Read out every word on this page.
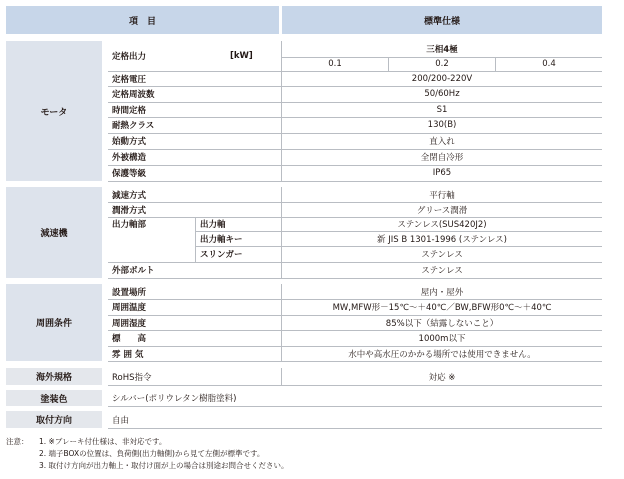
項　目	標準仕様
モータ
定格出力	[kW]
三相4極
0.1	0.2	0.4
定格電圧	200/200-220V
定格周波数	50/60Hz
時間定格	S1
耐熱クラス	130(B)
始動方式	直入れ
外被構造	全閉自冷形
保護等級	IP65
減速機
減速方式	平行軸
潤滑方式	グリース潤滑
出力軸部	出力軸	ステンレス(SUS420J2)
出力軸キー	新 JIS B 1301-1996 (ステンレス)
スリンガー	ステンレス
外部ボルト	ステンレス
周囲条件
設置場所	屋内・屋外
周囲温度	MW,MFW形－15℃～＋40℃／BW,BFW形0℃～＋40℃
周囲湿度	85%以下（結露しないこと）
標　　高	1000m以下
雰 囲 気	水中や高水圧のかかる場所では使用できません。
海外規格	RoHS指令	対応 ※
塗装色	シルバー(ポリウレタン樹脂塗料)
取付方向	自由
注意： 1. ※ブレーキ付仕様は、非対応です。
2. 端子BOXの位置は、負荷側(出力軸側)から見て左側が標準です。
3. 取付け方向が出力軸上・取付け面が上の場合は別途お問合せください。
